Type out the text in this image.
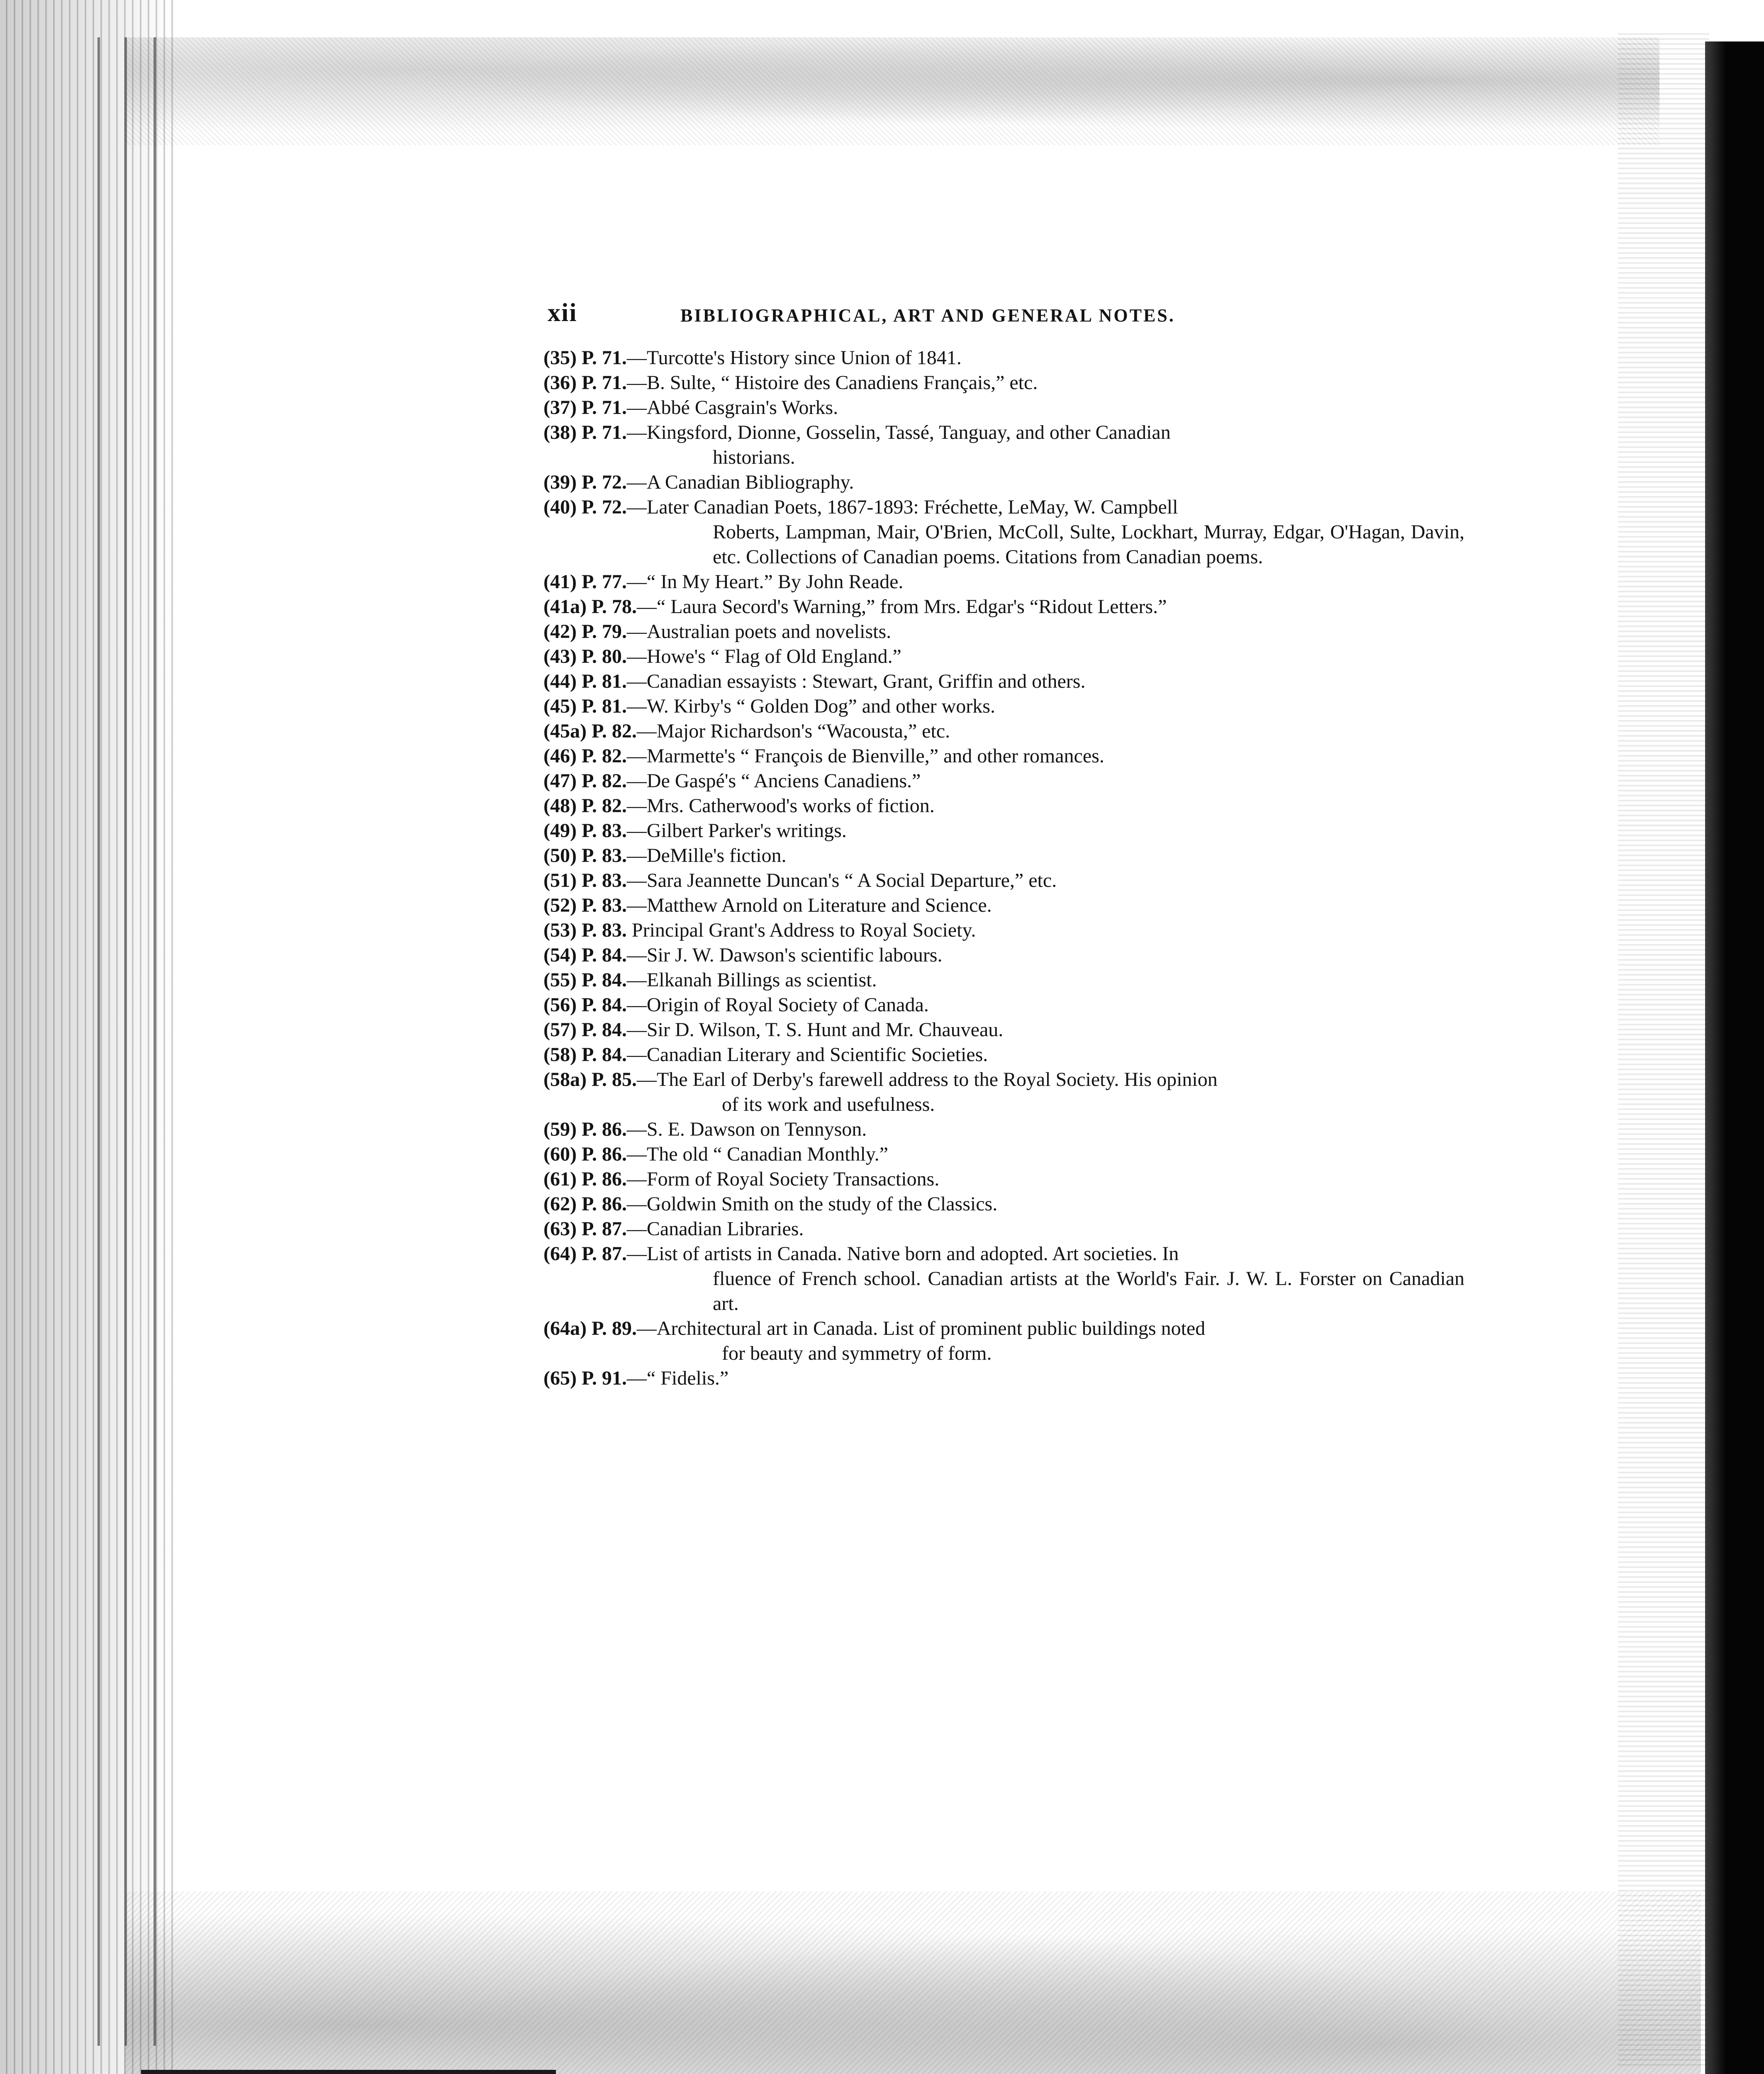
xii	BIBLIOGRAPHICAL, ART AND GENERAL NOTES.
(35) P. 71.—Turcotte's History since Union of 1841.
(36) P. 71.—B. Sulte, “ Histoire des Canadiens Français,” etc.
(37) P. 71.—Abbé Casgrain's Works.
(38) P. 71.—Kingsford, Dionne, Gosselin, Tassé, Tanguay, and other Canadian
historians.
(39) P. 72.—A Canadian Bibliography.
(40) P. 72.—Later Canadian Poets, 1867-1893: Fréchette, LeMay, W. Campbell
Roberts, Lampman, Mair, O'Brien, McColl, Sulte, Lockhart, Murray, Edgar, O'Hagan, Davin, etc. Collections of Canadian poems. Citations from Canadian poems.
(41) P. 77.—“ In My Heart.” By John Reade.
(41a) P. 78.—“ Laura Secord's Warning,” from Mrs. Edgar's “Ridout Letters.”
(42) P. 79.—Australian poets and novelists.
(43) P. 80.—Howe's “ Flag of Old England.”
(44) P. 81.—Canadian essayists : Stewart, Grant, Griffin and others.
(45) P. 81.—W. Kirby's “ Golden Dog” and other works.
(45a) P. 82.—Major Richardson's “Wacousta,” etc.
(46) P. 82.—Marmette's “ François de Bienville,” and other romances.
(47) P. 82.—De Gaspé's “ Anciens Canadiens.”
(48) P. 82.—Mrs. Catherwood's works of fiction.
(49) P. 83.—Gilbert Parker's writings.
(50) P. 83.—DeMille's fiction.
(51) P. 83.—Sara Jeannette Duncan's “ A Social Departure,” etc.
(52) P. 83.—Matthew Arnold on Literature and Science.
(53) P. 83. Principal Grant's Address to Royal Society.
(54) P. 84.—Sir J. W. Dawson's scientific labours.
(55) P. 84.—Elkanah Billings as scientist.
(56) P. 84.—Origin of Royal Society of Canada.
(57) P. 84.—Sir D. Wilson, T. S. Hunt and Mr. Chauveau.
(58) P. 84.—Canadian Literary and Scientific Societies.
(58a) P. 85.—The Earl of Derby's farewell address to the Royal Society. His opinion
of its work and usefulness.
(59) P. 86.—S. E. Dawson on Tennyson.
(60) P. 86.—The old “ Canadian Monthly.”
(61) P. 86.—Form of Royal Society Transactions.
(62) P. 86.—Goldwin Smith on the study of the Classics.
(63) P. 87.—Canadian Libraries.
(64) P. 87.—List of artists in Canada. Native born and adopted. Art societies. In
fluence of French school. Canadian artists at the World's Fair. J. W. L. Forster on Canadian art.
(64a) P. 89.—Architectural art in Canada. List of prominent public buildings noted
for beauty and symmetry of form.
(65) P. 91.—“ Fidelis.”
